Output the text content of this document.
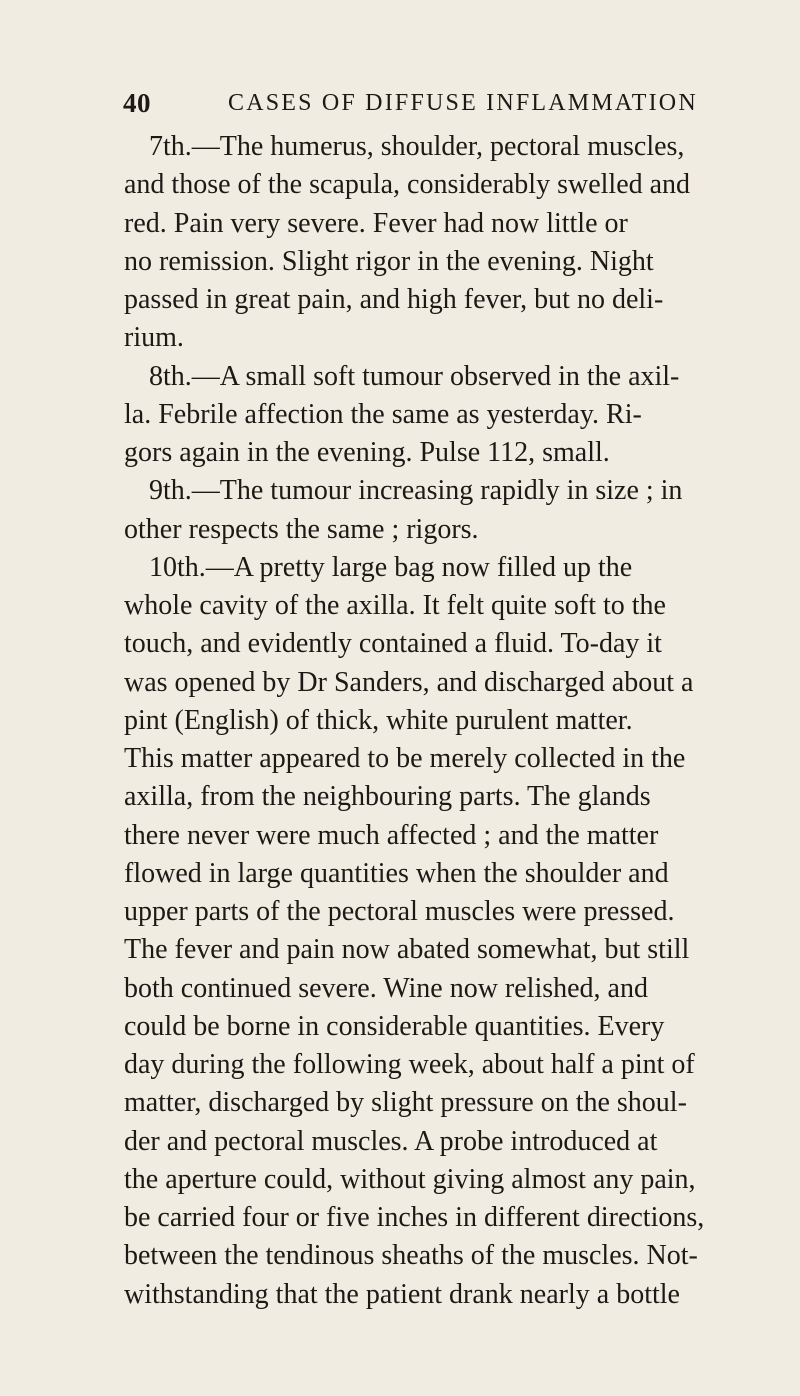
40	CASES OF DIFFUSE INFLAMMATION
7th.—The humerus, shoulder, pectoral muscles,
and those of the scapula, considerably swelled and
red. Pain very severe. Fever had now little or
no remission. Slight rigor in the evening. Night
passed in great pain, and high fever, but no deli-
rium.
8th.—A small soft tumour observed in the axil-
la. Febrile affection the same as yesterday. Ri-
gors again in the evening. Pulse 112, small.
9th.—The tumour increasing rapidly in size ; in
other respects the same ; rigors.
10th.—A pretty large bag now filled up the
whole cavity of the axilla. It felt quite soft to the
touch, and evidently contained a fluid. To-day it
was opened by Dr Sanders, and discharged about a
pint (English) of thick, white purulent matter.
This matter appeared to be merely collected in the
axilla, from the neighbouring parts. The glands
there never were much affected ; and the matter
flowed in large quantities when the shoulder and
upper parts of the pectoral muscles were pressed.
The fever and pain now abated somewhat, but still
both continued severe. Wine now relished, and
could be borne in considerable quantities. Every
day during the following week, about half a pint of
matter, discharged by slight pressure on the shoul-
der and pectoral muscles. A probe introduced at
the aperture could, without giving almost any pain,
be carried four or five inches in different directions,
between the tendinous sheaths of the muscles. Not-
withstanding that the patient drank nearly a bottle
